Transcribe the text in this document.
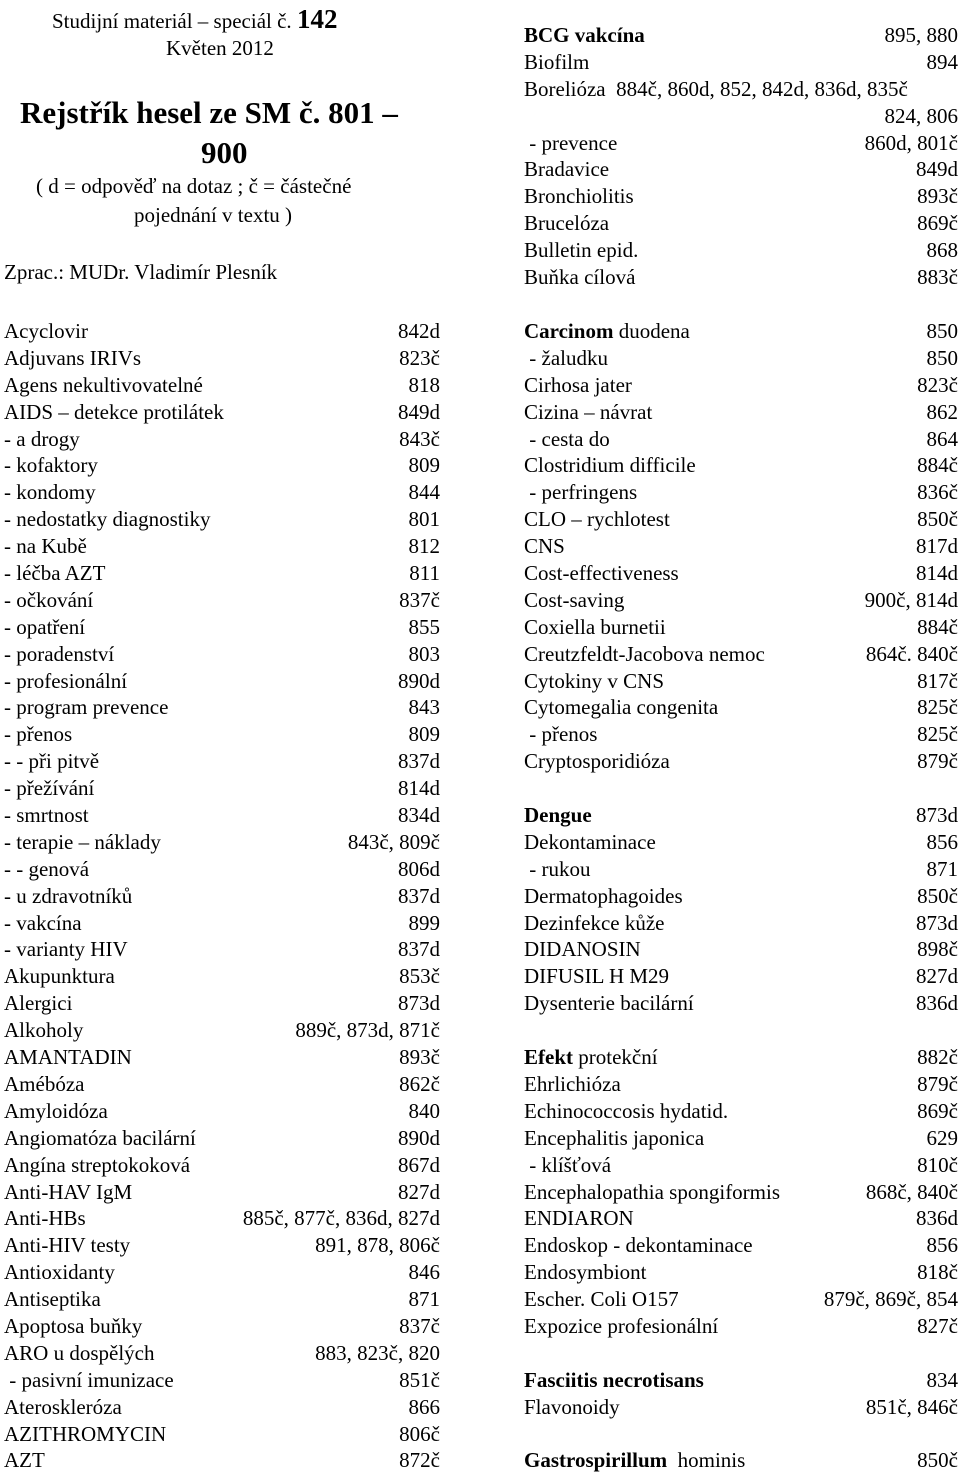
Studijní materiál – speciál č. 142
Květen 2012
Rejstřík hesel ze SM č. 801 –
900
( d = odpověď na dotaz ; č = částečné
pojednání v textu )
Zprac.: MUDr. Vladimír Plesník
Acyclovir	842d
Adjuvans IRIVs	823č
Agens nekultivovatelné	818
AIDS – detekce protilátek	849d
- a drogy	843č
- kofaktory	809
- kondomy	844
- nedostatky diagnostiky	801
- na Kubě	812
- léčba AZT	811
- očkování	837č
- opatření	855
- poradenství	803
- profesionální	890d
- program prevence	843
- přenos	809
- - při pitvě	837d
- přežívání	814d
- smrtnost	834d
- terapie – náklady	843č, 809č
- - genová	806d
- u zdravotníků	837d
- vakcína	899
- varianty HIV	837d
Akupunktura	853č
Alergici	873d
Alkoholy	889č, 873d, 871č
AMANTADIN	893č
Amébóza	862č
Amyloidóza	840
Angiomatóza bacilární	890d
Angína streptokoková	867d
Anti-HAV IgM	827d
Anti-HBs	885č, 877č, 836d, 827d
Anti-HIV testy	891, 878, 806č
Antioxidanty	846
Antiseptika	871
Apoptosa buňky	837č
ARO u dospělých	883, 823č, 820
- pasivní imunizace	851č
Ateroskleróza	866
AZITHROMYCIN	806č
AZT	872č
BCG vakcína	895, 880
Biofilm	894
Borelióza  884č, 860d, 852, 842d, 836d, 835č
824, 806
- prevence	860d, 801č
Bradavice	849d
Bronchiolitis	893č
Brucelóza	869č
Bulletin epid.	868
Buňka cílová	883č
Carcinom duodena	850
- žaludku	850
Cirhosa jater	823č
Cizina – návrat	862
- cesta do	864
Clostridium difficile	884č
- perfringens	836č
CLO – rychlotest	850č
CNS	817d
Cost-effectiveness	814d
Cost-saving	900č, 814d
Coxiella burnetii	884č
Creutzfeldt-Jacobova nemoc	864č. 840č
Cytokiny v CNS	817č
Cytomegalia congenita	825č
- přenos	825č
Cryptosporidióza	879č
Dengue	873d
Dekontaminace	856
- rukou	871
Dermatophagoides	850č
Dezinfekce kůže	873d
DIDANOSIN	898č
DIFUSIL H M29	827d
Dysenterie bacilární	836d
Efekt protekční	882č
Ehrlichióza	879č
Echinococcosis hydatid.	869č
Encephalitis japonica	629
- klíšťová	810č
Encephalopathia spongiformis	868č, 840č
ENDIARON	836d
Endoskop - dekontaminace	856
Endosymbiont	818č
Escher. Coli O157	879č, 869č, 854
Expozice profesionální	827č
Fasciitis necrotisans	834
Flavonoidy	851č, 846č
Gastrospirillum  hominis	850č
